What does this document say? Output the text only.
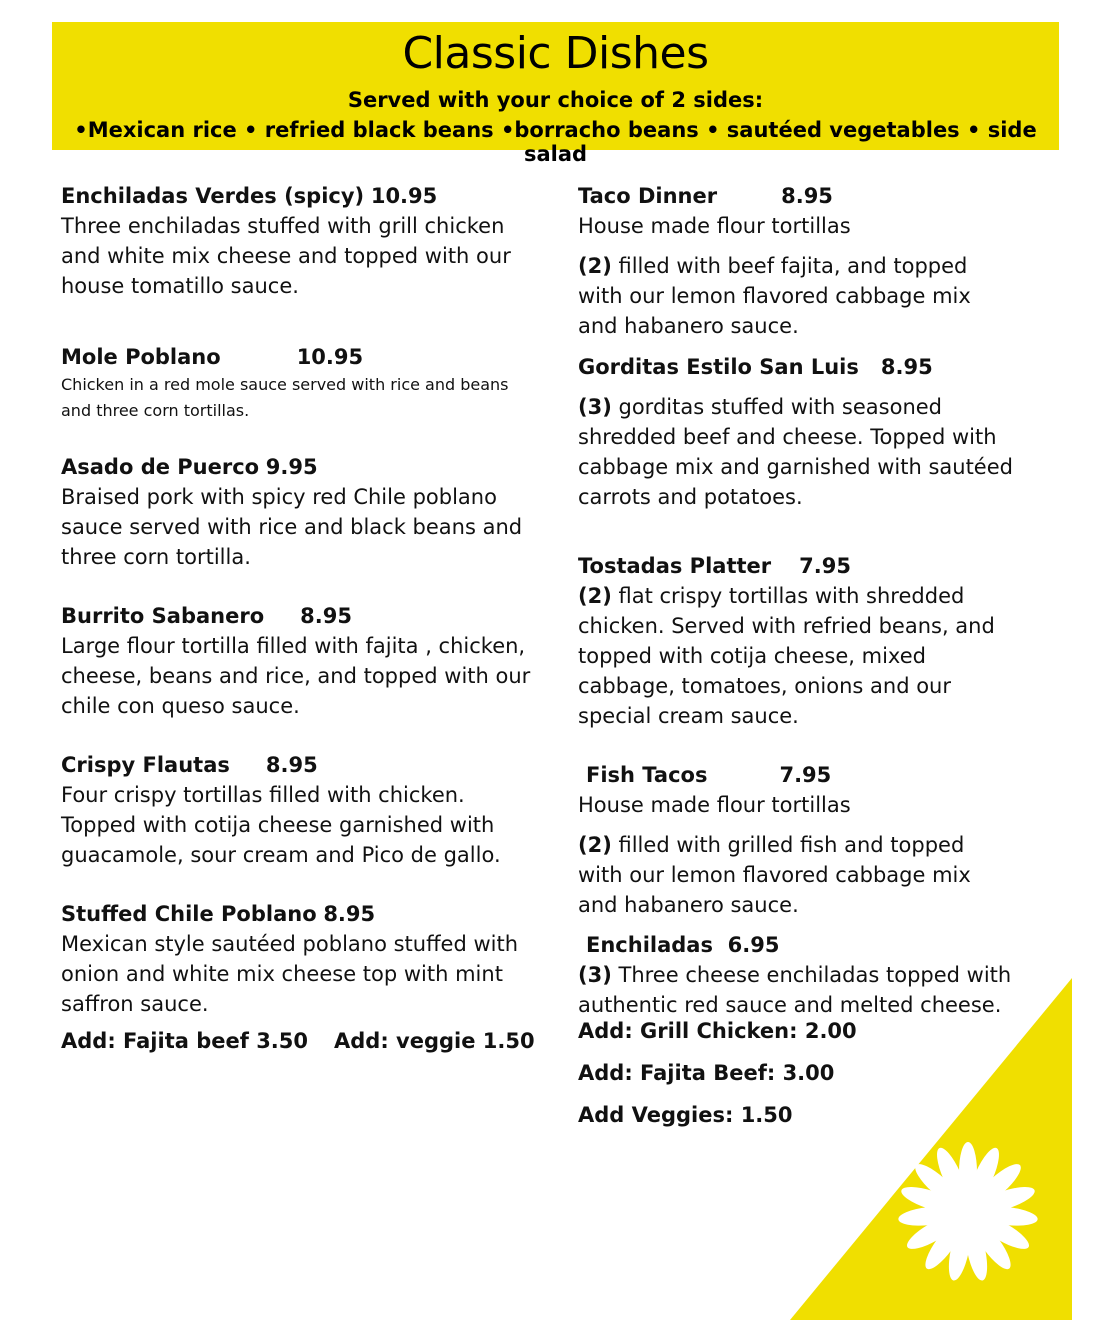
Classic Dishes
Served with your choice of 2 sides:
•Mexican rice • refried black beans •borracho beans • sautéed vegetables • side salad
Enchiladas Verdes (spicy) 10.95

Three enchiladas stuffed with grill chicken and white mix cheese and topped with our house tomatillo sauce.

Mole Poblano	10.95

Chicken in a red mole sauce served with rice and beans and three corn tortillas.

Asado de Puerco 9.95

Braised pork with spicy red Chile poblano sauce served with rice and black beans and three corn tortilla.

Burrito Sabanero 8.95

Large flour tortilla filled with fajita , chicken, cheese, beans and rice, and topped with our chile con queso sauce.

Crispy Flautas 8.95

Four crispy tortillas filled with chicken. Topped with cotija cheese garnished with guacamole, sour cream and Pico de gallo.

Stuffed Chile Poblano 8.95

Mexican style sautéed poblano stuffed with onion and white mix cheese top with mint saffron sauce.

Add: Fajita beef 3.50 Add: veggie 1.50
Taco Dinner	8.95

House made flour tortillas

(2) filled with beef fajita, and topped with our lemon flavored cabbage mix and habanero sauce.

Gorditas Estilo San Luis 8.95

(3) gorditas stuffed with seasoned shredded beef and cheese. Topped with cabbage mix and garnished with sautéed carrots and potatoes.

Tostadas Platter 7.95

(2) flat crispy tortillas with shredded chicken. Served with refried beans, and topped with cotija cheese, mixed cabbage, tomatoes, onions and our special cream sauce.

Fish Tacos	7.95

House made flour tortillas

(2) filled with grilled fish and topped with our lemon flavored cabbage mix and habanero sauce.

Enchiladas 6.95

(3) Three cheese enchiladas topped with authentic red sauce and melted cheese.

Add: Grill Chicken: 2.00
Add: Fajita Beef: 3.00
Add Veggies: 1.50
